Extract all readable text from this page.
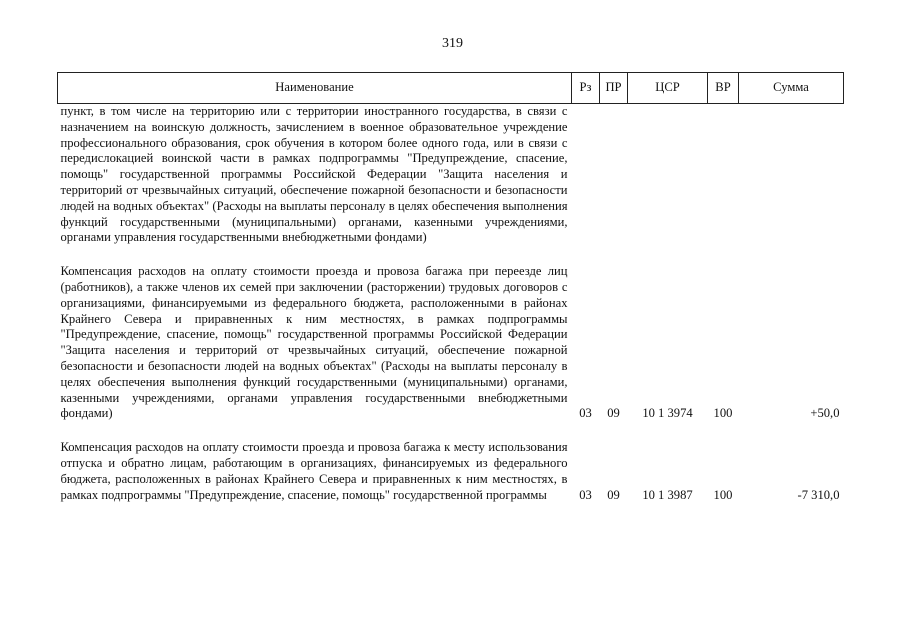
319
Наименование	Рз	ПР	ЦСР	ВР	Сумма
пункт, в том числе на территорию или с территории иностранного государства, в связи с назначением на воинскую должность, зачислением в военное образовательное учреждение профессионального образования, срок обучения в котором более одного года, или в связи с передислокацией воинской части в рамках подпрограммы "Предупреждение, спасение, помощь" государственной программы Российской Федерации "Защита населения и территорий от чрезвычайных ситуаций, обеспечение пожарной безопасности и безопасности людей на водных объектах" (Расходы на выплаты персоналу в целях обеспечения выполнения функций государственными (муниципальными) органами, казенными учреждениями, органами управления государственными внебюджетными фондами)					

Компенсация расходов на оплату стоимости проезда и провоза багажа при переезде лиц (работников), а также членов их семей при заключении (расторжении) трудовых договоров с организациями, финансируемыми из федерального бюджета, расположенными в районах Крайнего Севера и приравненных к ним местностях, в рамках подпрограммы "Предупреждение, спасение, помощь" государственной программы Российской Федерации "Защита населения и территорий от чрезвычайных ситуаций, обеспечение пожарной безопасности и безопасности людей на водных объектах" (Расходы на выплаты персоналу в целях обеспечения выполнения функций государственными (муниципальными) органами, казенными учреждениями, органами управления государственными внебюджетными фондами)	03	09	10 1 3974	100	+50,0

Компенсация расходов на оплату стоимости проезда и провоза багажа к месту использования отпуска и обратно лицам, работающим в организациях, финансируемых из федерального бюджета, расположенных в районах Крайнего Севера и приравненных к ним местностях, в рамках подпрограммы "Предупреждение, спасение, помощь" государственной программы	03	09	10 1 3987	100	-7 310,0
